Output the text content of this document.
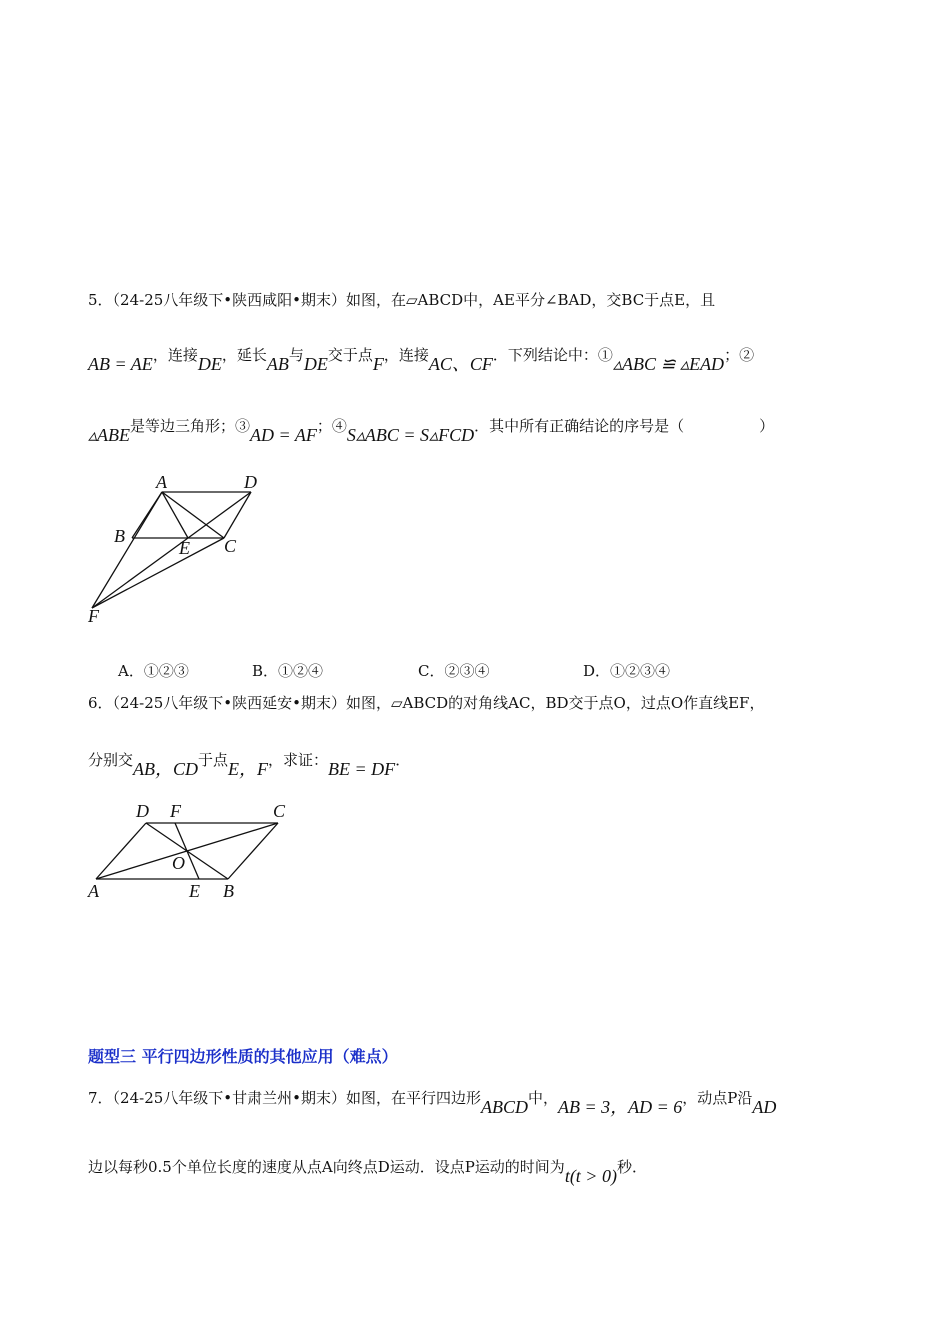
5．（24-25八年级下•陕西咸阳•期末）如图，在▱ABCD中，AE平分∠BAD，交BC于点E，且
AB = AE，连接DE，延长AB与DE交于点F，连接AC、CF．下列结论中：①▵ABC ≌ ▵EAD；②
▵ABE是等边三角形；③AD = AF；④S▵ABC = S▵FCD．其中所有正确结论的序号是（　　　　　）
A	D
B
E C
F
A．①②③	B．①②④	C．②③④	D．①②③④
6．（24-25八年级下•陕西延安•期末）如图，▱ABCD的对角线AC，BD交于点O，过点O作直线EF，
分别交AB，CD于点E，F，求证：BE = DF．
D F	C
O
A	E B
题型三 平行四边形性质的其他应用（难点）
7．（24-25八年级下•甘肃兰州•期末）如图，在平行四边形ABCD中，AB = 3，AD = 6，动点P沿AD
边以每秒0.5个单位长度的速度从点A向终点D运动．设点P运动的时间为t(t > 0)秒．
